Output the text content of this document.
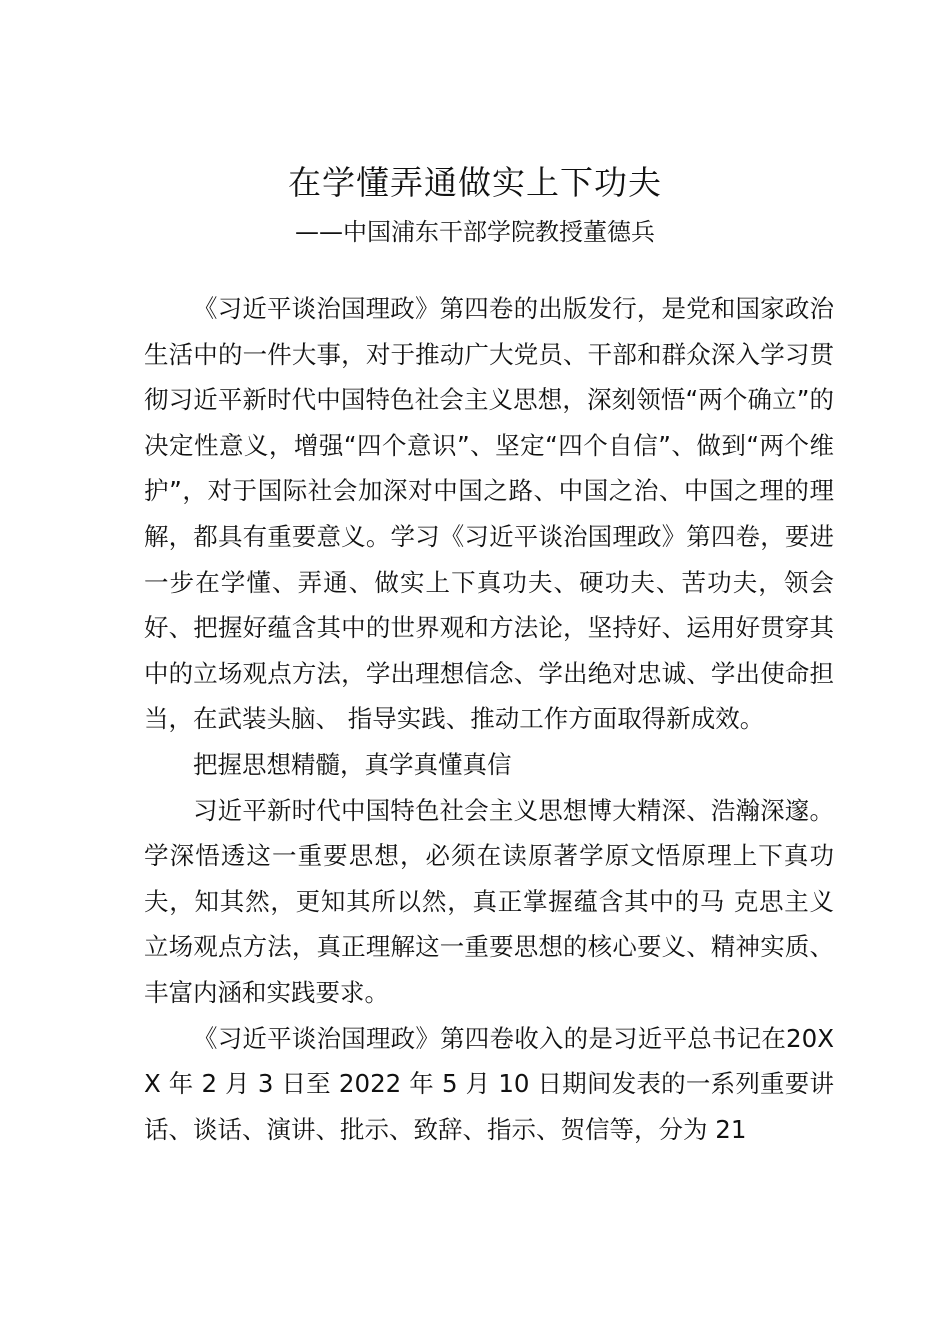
在学懂弄通做实上下功夫
——中国浦东干部学院教授董德兵

《习近平谈治国理政》第四卷的出版发行，是党和国家政治生活中的一件大事，对于推动广大党员、干部和群众深入学习贯彻习近平新时代中国特色社会主义思想，深刻领悟“两个确立”的决定性意义，增强“四个意识”、坚定“四个自信”、做到“两个维护”，对于国际社会加深对中国之路、中国之治、中国之理的理解，都具有重要意义。学习《习近平谈治国理政》第四卷，要进一步在学懂、弄通、做实上下真功夫、硬功夫、苦功夫，领会好、把握好蕴含其中的世界观和方法论，坚持好、运用好贯穿其中的立场观点方法，学出理想信念、学出绝对忠诚、学出使命担当，在武装头脑、 指导实践、推动工作方面取得新成效。

把握思想精髓，真学真懂真信

习近平新时代中国特色社会主义思想博大精深、浩瀚深邃。学深悟透这一重要思想，必须在读原著学原文悟原理上下真功夫，知其然，更知其所以然，真正掌握蕴含其中的马 克思主义立场观点方法，真正理解这一重要思想的核心要义、精神实质、丰富内涵和实践要求。

《习近平谈治国理政》第四卷收入的是习近平总书记在20XX 年 2 月 3 日至 2022 年 5 月 10 日期间发表的一系列重要讲话、谈话、演讲、批示、致辞、指示、贺信等，分为 21
